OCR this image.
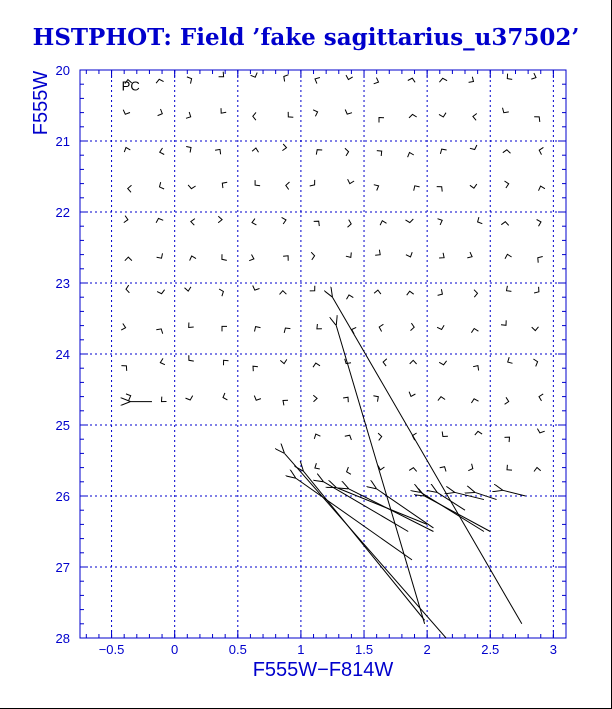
HSTPHOT: Field ’fake sagittarius_u37502’
−0.5	0	0.5	1	1.5	2	2.5	3
20
21
22
23
24
25
26
27
28
F555W
F555W−F814W
PC
